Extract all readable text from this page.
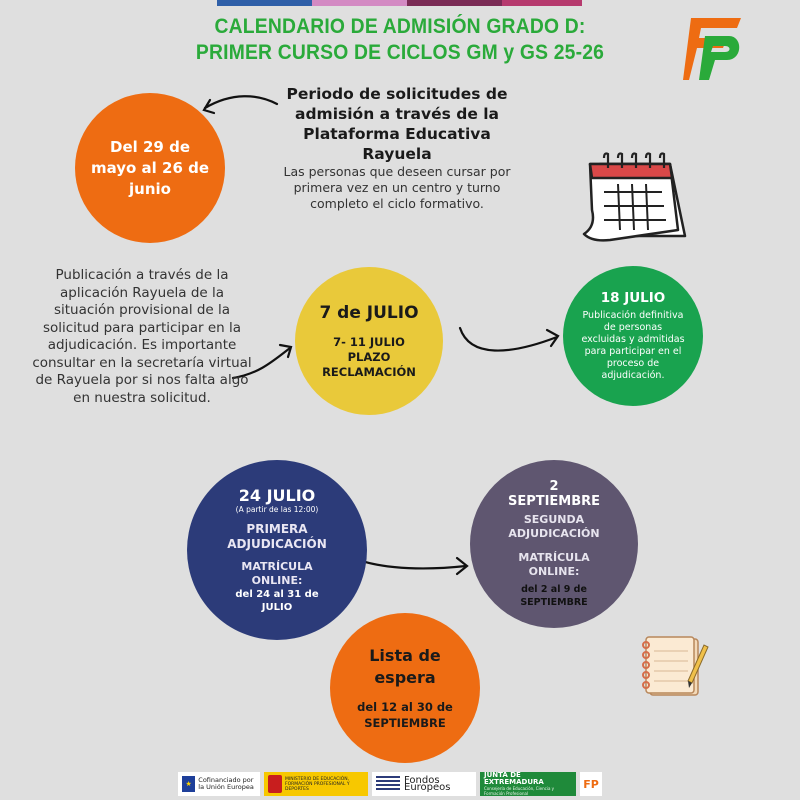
CALENDARIO DE ADMISIÓN GRADO D:
PRIMER CURSO DE CICLOS GM y GS 25-26
Del 29 de mayo al 26 de junio
Periodo de solicitudes de admisión a través de la Plataforma Educativa Rayuela
Las personas que deseen cursar por primera vez en un centro y turno completo el ciclo formativo.
Publicación a través de la aplicación Rayuela de la situación provisional de la solicitud para participar en la adjudicación. Es importante consultar en la secretaría virtual de Rayuela por si nos falta algo en nuestra solicitud.
7 de JULIO
7- 11 JULIO PLAZO RECLAMACIÓN
18 JULIO
Publicación definitiva de personas excluidas y admitidas para participar en el proceso de adjudicación.
24 JULIO
(A partir de las 12:00)
PRIMERA ADJUDICACIÓN
MATRÍCULA ONLINE:
del 24 al 31 de JULIO
2
SEPTIEMBRE
SEGUNDA ADJUDICACIÓN
MATRÍCULA ONLINE:
del 2 al 9 de SEPTIEMBRE
Lista de espera
del 12 al 30 de SEPTIEMBRE
★	Cofinanciado por la Unión Europea
MINISTERIO DE EDUCACIÓN, FORMACIÓN PROFESIONAL Y DEPORTES
Fondos Europeos
JUNTA DE EXTREMADURA
Consejería de Educación, Ciencia y Formación Profesional
FP
